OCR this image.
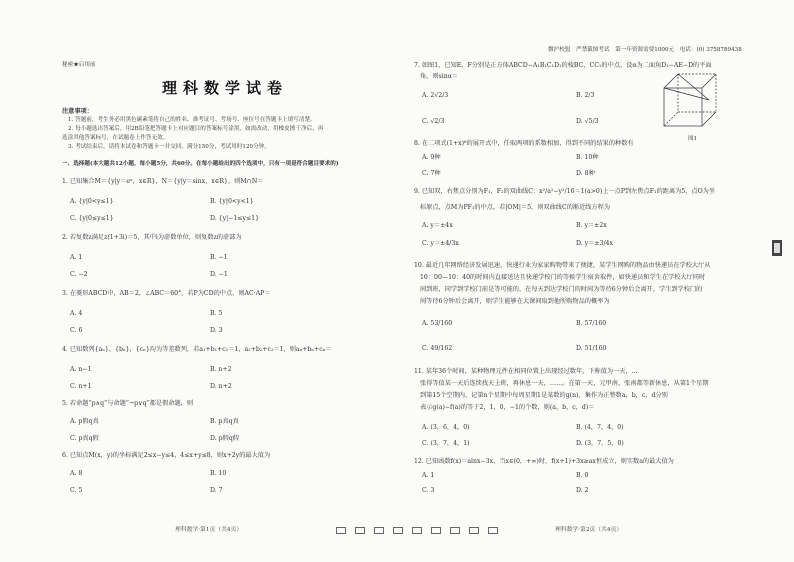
秘密★启用前
理科数学试卷
注意事项：
1. 答题前，考生务必用黑色碳素笔将自己的姓名、准考证号、考场号、座位号在答题卡上填写清楚。
2. 每小题选出答案后，用2B铅笔把答题卡上对应题目的答案标号涂黑，如需改动，用橡皮擦干净后，再
选涂其他答案标号，在试题卷上作答无效。
3. 考试结束后，请将本试卷和答题卡一并交回。满分150分，考试用时120分钟。
一、选择题(本大题共12小题，每小题5分，共60分。在每小题给出的四个选项中，只有一项是符合题目要求的)
1. 已知集合M＝{y|y＝eˣ，x∈R}，N＝{y|y＝sinx，x∈R}，则M∩N＝
A. {y|0<y≤1}	B. {y|0<y<1}
C. {y|0≤y≤1}	D. {y|−1≤y≤1}
2. 若复数z满足z(1+3i)＝5，其中i为虚数单位，则复数z的虚部为
A. 1	B. −1
C. −2	D. −1
3. 在菱形ABCD中，AB＝2，∠ABC＝60°，若P为CD的中点，则AC·AP＝
A. 4	B. 5
C. 6	D. 3
4. 已知数列{aₙ}，{bₙ}，{cₙ}均为等差数列，若a₁+b₁+c₁＝1，a₂+b₂+c₂＝1，则aₙ+bₙ+cₙ＝
A. n−1	B. n+2
C. n+1	D. n+2
5. 若命题“p∧q”与命题“¬p∨q”都是假命题，则
A. p假q真	B. p真q真
C. p真q假	D. p假q假
6. 已知点M(x，y)的坐标满足2≤x−y≤4，4≤x+y≤8，则x+2y的最大值为
A. 8	B. 10
C. 5	D. 7
理科数学·第1页（共4页）
微沪校盟　严禁截图考试　第一年资源需要1000元　电话：(0) 3758789438
7. 如图1，已知E，F分别是正方体ABCD−A₁B₁C₁D₁的棱BC，CC₁的中点，设α为二面角D₁−AE−D的平面
角，则sinα＝
A. 2√2/3	B. 2/3
C. √2/3	D. √5/3
图1
8. 在二项式(1+x)⁶的展开式中，任取两项的系数相加，得到不同的结果的种数有
A. 9种	B. 10种
C. 7种	D. 8种
9. 已知双，右焦点分别为F₁，F₂的双曲线C：x²/a²−y²/16＝1(a>0)上一点P到左焦点F₁的距离为5，点O为坐
标原点，点M为PF₁的中点，若|OM|＝5，则双曲线C的渐近线方程为
A. y＝±4x	B. y＝±2x
C. y＝±4/3x	D. y＝±3/4x
10. 最近几年网络经济发展迅速，快递行业为家家购物带来了便捷，某学生网购的物品由快递员在学校大厅从
10：00—10：40的时间内直接送达且快递学校门的等候学生宿舍取件，如快递员和学生在学校大厅同时
间到班，同学到学校门前是等可能的，在每天到达学校门的时间为等待6分钟后会离开，学生到学校门的
间等待6分钟后会离开，则学生能够在大课间取到他所购物品的概率为
A. 53/160	B. 57/160
C. 49/162	D. 51/160
11. 某年36个时间，某种物理元件在相同位置上出现经过数年，下称值为一天，...
张得等值某一天后连续找天上班，再休息一天，……。在第一天，元甲南、张南都等新休息，从第1个星期
到第15个空期内，记第n个星期中每周星期1是某数的g(n)，集作为正整数a，b，c，d分别
表示g(a)−f(a)的等于2，1，0，−1的个数，则(a，b，c，d)＝
A. (3，6，4，0)	B. (4，7，4，0)
C. (3，7，4，1)	D. (3，7，5，0)
12. 已知函数f(x)＝alnx−3x，当x∈(0，+∞)时，f(x+1)+3x≥ax恒成立，则实数a的最大值为
A. 1	B. 0
C. 3	D. 2
理科数学·第2页（共4页）
